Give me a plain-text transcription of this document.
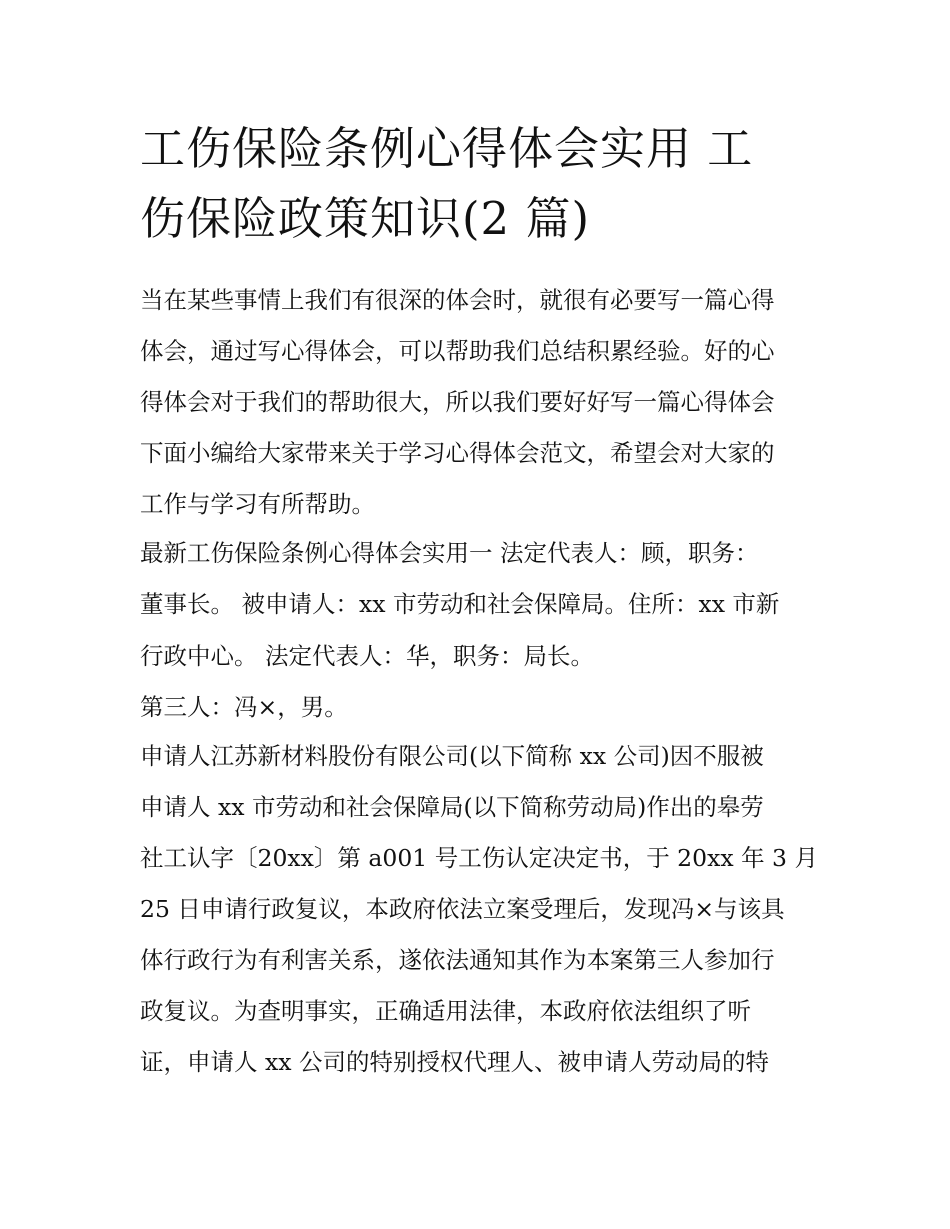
工伤保险条例心得体会实用 工
伤保险政策知识(2 篇)

当在某些事情上我们有很深的体会时，就很有必要写一篇心得

体会，通过写心得体会，可以帮助我们总结积累经验。好的心

得体会对于我们的帮助很大，所以我们要好好写一篇心得体会

下面小编给大家带来关于学习心得体会范文，希望会对大家的

工作与学习有所帮助。

最新工伤保险条例心得体会实用一 法定代表人：顾，职务：

董事长。 被申请人：xx 市劳动和社会保障局。住所：xx 市新

行政中心。 法定代表人：华，职务：局长。

第三人：冯×，男。

申请人江苏新材料股份有限公司(以下简称 xx 公司)因不服被

申请人 xx 市劳动和社会保障局(以下简称劳动局)作出的皋劳

社工认字〔20xx〕第 a001 号工伤认定决定书，于 20xx 年 3 月

25 日申请行政复议，本政府依法立案受理后，发现冯×与该具

体行政行为有利害关系，遂依法通知其作为本案第三人参加行

政复议。为查明事实，正确适用法律，本政府依法组织了听

证，申请人 xx 公司的特别授权代理人、被申请人劳动局的特
